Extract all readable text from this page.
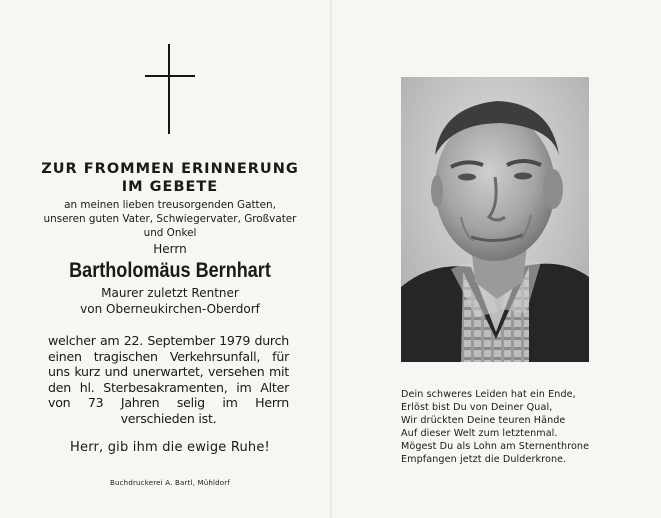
ZUR FROMMEN ERINNERUNG
IM GEBETE
an meinen lieben treusorgenden Gatten,
unseren guten Vater, Schwiegervater, Großvater
und Onkel
Herrn
Bartholomäus Bernhart
Maurer zuletzt Rentner
von Oberneukirchen-Oberdorf
welcher am 22. September 1979 durch einen tragischen Verkehrsunfall, für uns kurz und unerwartet, versehen mit den hl. Sterbesakramenten, im Alter von 73 Jahren selig im Herrn verschieden ist.
Herr, gib ihm die ewige Ruhe!
Buchdruckerei A. Bartl, Mühldorf
Dein schweres Leiden hat ein Ende,
Erlöst bist Du von Deiner Qual,
Wir drückten Deine teuren Hände
Auf dieser Welt zum letztenmal.
Mögest Du als Lohn am Sternenthrone
Empfangen jetzt die Dulderkrone.
